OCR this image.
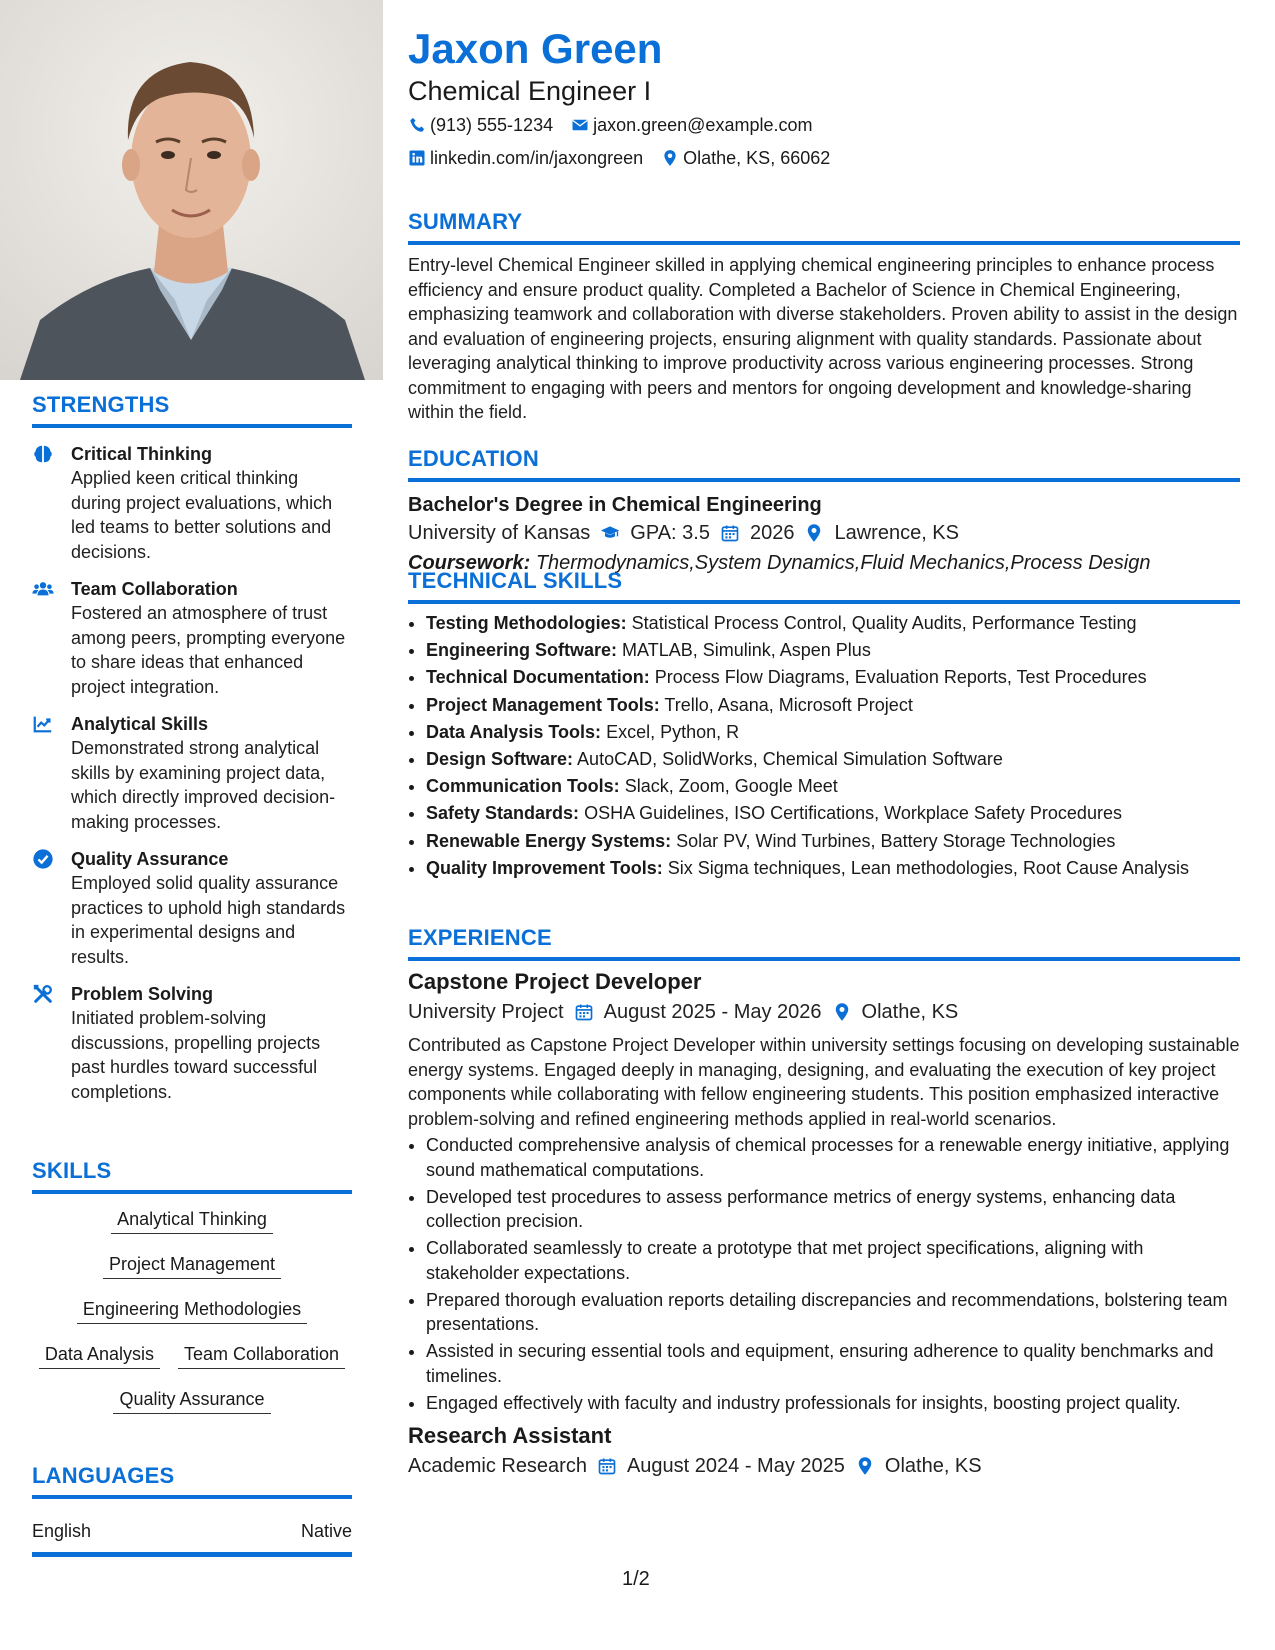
STRENGTHS
Critical Thinking
Applied keen critical thinking during project evaluations, which led teams to better solutions and decisions.
Team Collaboration
Fostered an atmosphere of trust among peers, prompting everyone to share ideas that enhanced project integration.
Analytical Skills
Demonstrated strong analytical skills by examining project data, which directly improved decision-making processes.
Quality Assurance
Employed solid quality assurance practices to uphold high standards in experimental designs and results.
Problem Solving
Initiated problem-solving discussions, propelling projects past hurdles toward successful completions.
SKILLS
Analytical Thinking
Project Management
Engineering Methodologies
Data Analysis	Team Collaboration
Quality Assurance
LANGUAGES
English	Native
Jaxon Green
Chemical Engineer I
(913) 555-1234 jaxon.green@example.com
linkedin.com/in/jaxongreen Olathe, KS, 66062
SUMMARY

Entry-level Chemical Engineer skilled in applying chemical engineering principles to enhance process efficiency and ensure product quality. Completed a Bachelor of Science in Chemical Engineering, emphasizing teamwork and collaboration with diverse stakeholders. Proven ability to assist in the design and evaluation of engineering projects, ensuring alignment with quality standards. Passionate about leveraging analytical thinking to improve productivity across various engineering processes. Strong commitment to engaging with peers and mentors for ongoing development and knowledge-sharing within the field.

EDUCATION
Bachelor's Degree in Chemical Engineering
University of Kansas GPA: 3.5 2026 Lawrence, KS
Coursework: Thermodynamics,System Dynamics,Fluid Mechanics,Process Design
TECHNICAL SKILLS
• Testing Methodologies: Statistical Process Control, Quality Audits, Performance Testing
• Engineering Software: MATLAB, Simulink, Aspen Plus
• Technical Documentation: Process Flow Diagrams, Evaluation Reports, Test Procedures
• Project Management Tools: Trello, Asana, Microsoft Project
• Data Analysis Tools: Excel, Python, R
• Design Software: AutoCAD, SolidWorks, Chemical Simulation Software
• Communication Tools: Slack, Zoom, Google Meet
• Safety Standards: OSHA Guidelines, ISO Certifications, Workplace Safety Procedures
• Renewable Energy Systems: Solar PV, Wind Turbines, Battery Storage Technologies
• Quality Improvement Tools: Six Sigma techniques, Lean methodologies, Root Cause Analysis
EXPERIENCE
Capstone Project Developer
University Project August 2025 - May 2026 Olathe, KS

Contributed as Capstone Project Developer within university settings focusing on developing sustainable energy systems. Engaged deeply in managing, designing, and evaluating the execution of key project components while collaborating with fellow engineering students. This position emphasized interactive problem-solving and refined engineering methods applied in real-world scenarios.

• Conducted comprehensive analysis of chemical processes for a renewable energy initiative, applying sound mathematical computations.
• Developed test procedures to assess performance metrics of energy systems, enhancing data collection precision.
• Collaborated seamlessly to create a prototype that met project specifications, aligning with stakeholder expectations.
• Prepared thorough evaluation reports detailing discrepancies and recommendations, bolstering team presentations.
• Assisted in securing essential tools and equipment, ensuring adherence to quality benchmarks and timelines.
• Engaged effectively with faculty and industry professionals for insights, boosting project quality.
Research Assistant
Academic Research August 2024 - May 2025 Olathe, KS
1/2
